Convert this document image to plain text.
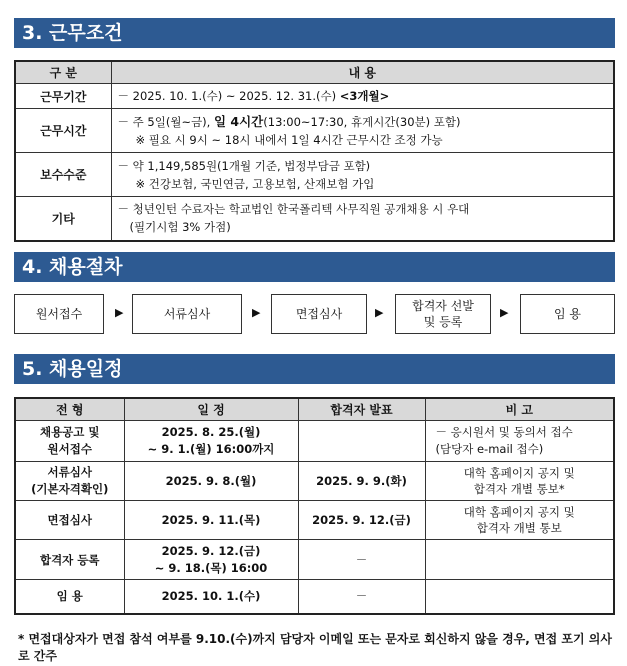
3. 근무조건
구 분	내 용
근무기간	－ 2025. 10. 1.(수) ~ 2025. 12. 31.(수) <3개월>

근무시간	－ 주 5일(월~금), 일 4시간(13:00~17:30, 휴게시간(30분) 포함)
※ 필요 시 9시 ~ 18시 내에서 1일 4시간 근무시간 조정 가능

보수수준	－ 약 1,149,585원(1개월 기준, 법정부담금 포함)
※ 건강보험, 국민연금, 고용보험, 산재보험 가입

기타	－ 청년인턴 수료자는 학교법인 한국폴리텍 사무직원 공개채용 시 우대
(필기시험 3% 가점)
4. 채용절차
원서접수	▶	서류심사	▶	면접심사	▶	합격자 선발
및 등록
▶	임 용
5. 채용일정
전 형	일 정	합격자 발표	비 고
채용공고 및
원서접수	2025. 8. 25.(월)
~ 9. 1.(월) 16:00까지		－ 응시원서 및 동의서 접수
(담당자 e-mail 접수)
서류심사
(기본자격확인)	2025. 9. 8.(월)	2025. 9. 9.(화)	대학 홈페이지 공지 및
합격자 개별 통보*
면접심사	2025. 9. 11.(목)	2025. 9. 12.(금)	대학 홈페이지 공지 및
합격자 개별 통보
합격자 등록	2025. 9. 12.(금)
~ 9. 18.(목) 16:00	－	
임 용	2025. 10. 1.(수)	－	
* 면접대상자가 면접 참석 여부를 9.10.(수)까지 담당자 이메일 또는 문자로 회신하지 않을 경우, 면접 포기 의사로 간주
